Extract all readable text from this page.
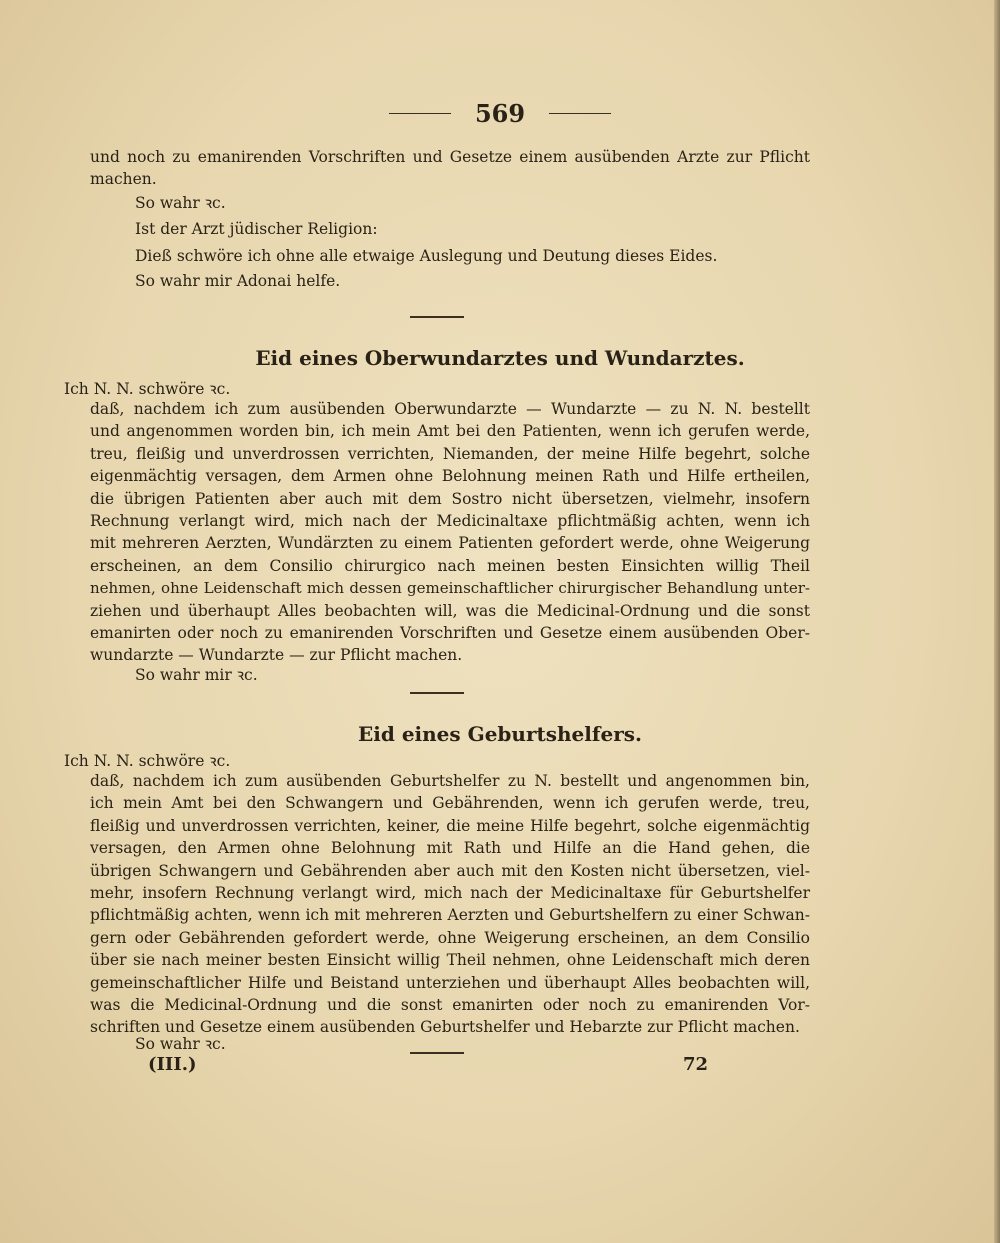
569
und noch zu emanirenden Vorschriften und Gesetze einem ausübenden Arzte zur Pflicht
machen.
So wahr ꝛc.
Ist der Arzt jüdischer Religion:
Dieß schwöre ich ohne alle etwaige Auslegung und Deutung dieses Eides.
So wahr mir Adonai helfe.
Eid eines Oberwundarztes und Wundarztes.
Ich N. N. schwöre ꝛc.
daß, nachdem ich zum ausübenden Oberwundarzte — Wundarzte — zu N. N. bestellt
und angenommen worden bin, ich mein Amt bei den Patienten, wenn ich gerufen werde,
treu, fleißig und unverdrossen verrichten, Niemanden, der meine Hilfe begehrt, solche
eigenmächtig versagen, dem Armen ohne Belohnung meinen Rath und Hilfe ertheilen,
die übrigen Patienten aber auch mit dem Sostro nicht übersetzen, vielmehr, insofern
Rechnung verlangt wird, mich nach der Medicinaltaxe pflichtmäßig achten, wenn ich
mit mehreren Aerzten, Wundärzten zu einem Patienten gefordert werde, ohne Weigerung
erscheinen, an dem Consilio chirurgico nach meinen besten Einsichten willig Theil
nehmen, ohne Leidenschaft mich dessen gemeinschaftlicher chirurgischer Behandlung unter-
ziehen und überhaupt Alles beobachten will, was die Medicinal-Ordnung und die sonst
emanirten oder noch zu emanirenden Vorschriften und Gesetze einem ausübenden Ober-
wundarzte — Wundarzte — zur Pflicht machen.
So wahr mir ꝛc.
Eid eines Geburtshelfers.
Ich N. N. schwöre ꝛc.
daß, nachdem ich zum ausübenden Geburtshelfer zu N. bestellt und angenommen bin,
ich mein Amt bei den Schwangern und Gebährenden, wenn ich gerufen werde, treu,
fleißig und unverdrossen verrichten, keiner, die meine Hilfe begehrt, solche eigenmächtig
versagen, den Armen ohne Belohnung mit Rath und Hilfe an die Hand gehen, die
übrigen Schwangern und Gebährenden aber auch mit den Kosten nicht übersetzen, viel-
mehr, insofern Rechnung verlangt wird, mich nach der Medicinaltaxe für Geburtshelfer
pflichtmäßig achten, wenn ich mit mehreren Aerzten und Geburtshelfern zu einer Schwan-
gern oder Gebährenden gefordert werde, ohne Weigerung erscheinen, an dem Consilio
über sie nach meiner besten Einsicht willig Theil nehmen, ohne Leidenschaft mich deren
gemeinschaftlicher Hilfe und Beistand unterziehen und überhaupt Alles beobachten will,
was die Medicinal-Ordnung und die sonst emanirten oder noch zu emanirenden Vor-
schriften und Gesetze einem ausübenden Geburtshelfer und Hebarzte zur Pflicht machen.
So wahr ꝛc.
(III.)	72
